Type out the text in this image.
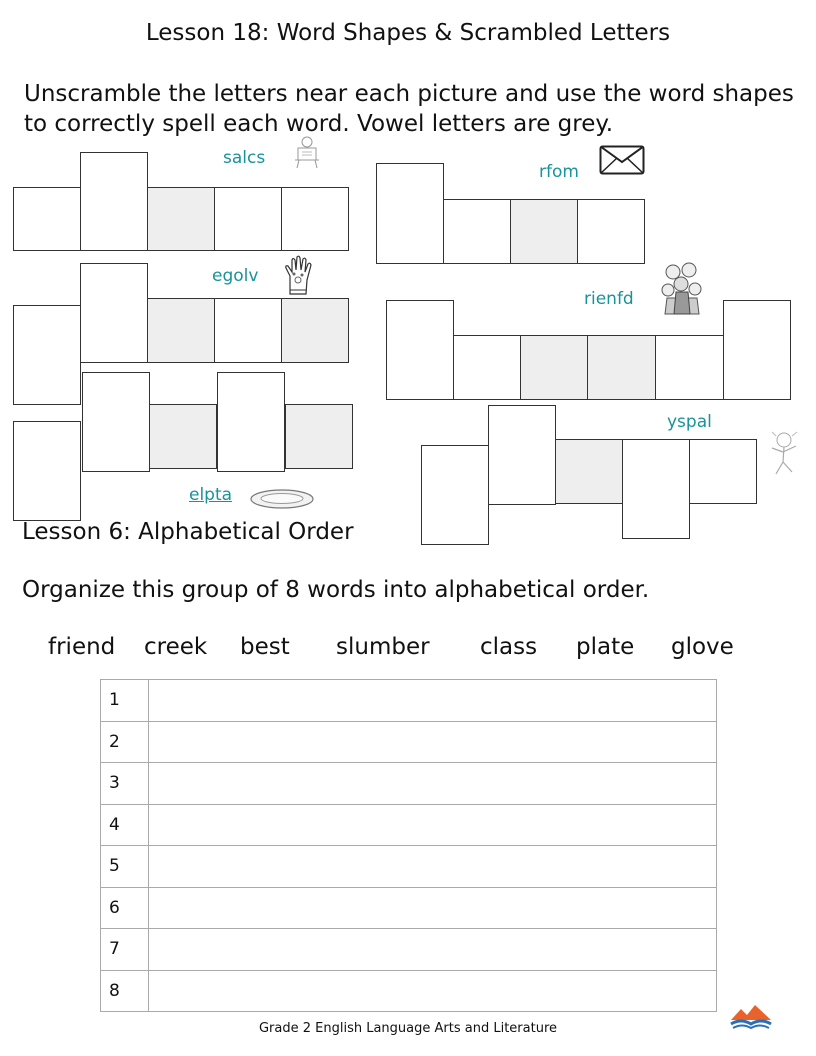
Lesson 18: Word Shapes & Scrambled Letters
Unscramble the letters near each picture and use the word shapes
to correctly spell each word. Vowel letters are grey.
salcs
rfom
egolv
rienfd
elpta
yspal
Lesson 6: Alphabetical Order
Organize this group of 8 words into alphabetical order.
friend creek best slumber class plate glove
1	
2	
3	
4	
5	
6	
7	
8	
Grade 2 English Language Arts and Literature
